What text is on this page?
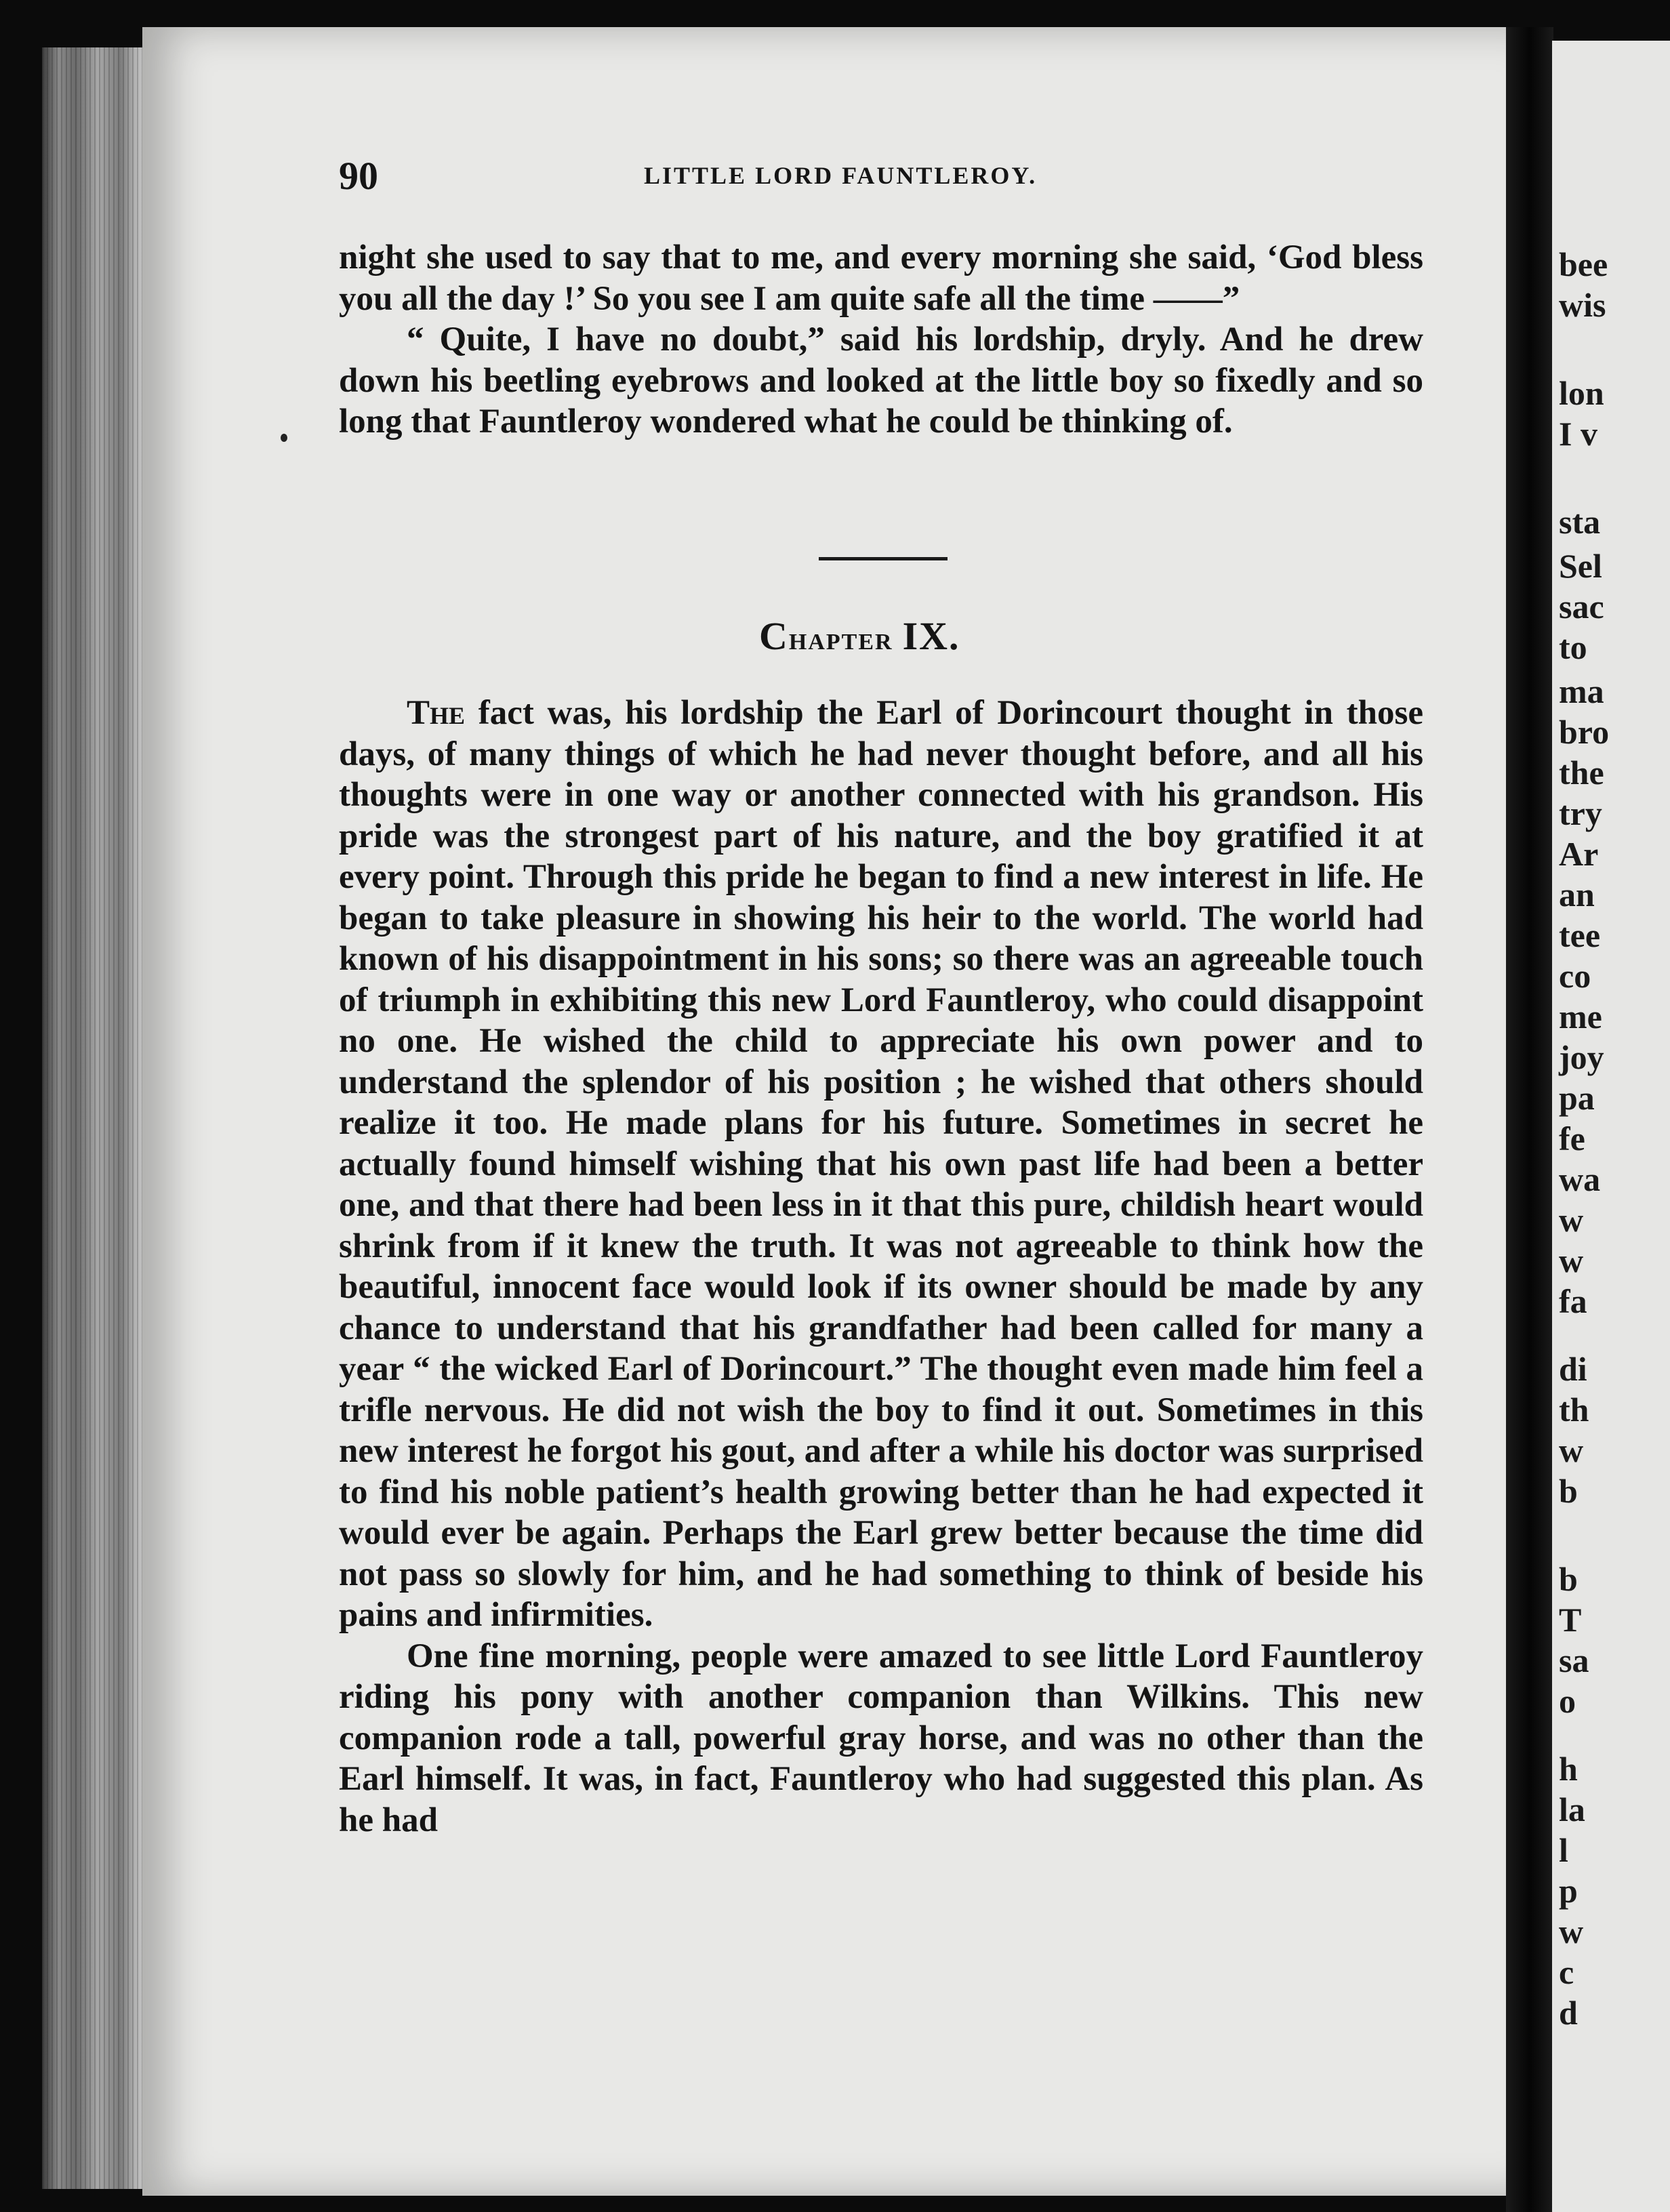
90	LITTLE LORD FAUNTLEROY.

night she used to say that to me, and every morning she said, ‘God bless you all the day !’ So you see I am quite safe all the time ——”

“ Quite, I have no doubt,” said his lordship, dryly. And he drew down his beetling eyebrows and looked at the little boy so fixedly and so long that Fauntleroy wondered what he could be thinking of.

Chapter IX.

The fact was, his lordship the Earl of Dorincourt thought in those days, of many things of which he had never thought before, and all his thoughts were in one way or another connected with his grandson. His pride was the strongest part of his nature, and the boy gratified it at every point. Through this pride he began to find a new interest in life. He began to take pleasure in showing his heir to the world. The world had known of his disappointment in his sons; so there was an agreeable touch of triumph in exhibiting this new Lord Fauntleroy, who could disappoint no one. He wished the child to appreciate his own power and to understand the splendor of his position ; he wished that others should realize it too. He made plans for his future. Sometimes in secret he actually found himself wishing that his own past life had been a better one, and that there had been less in it that this pure, childish heart would shrink from if it knew the truth. It was not agreeable to think how the beautiful, innocent face would look if its owner should be made by any chance to understand that his grandfather had been called for many a year “ the wicked Earl of Dorincourt.” The thought even made him feel a trifle nervous. He did not wish the boy to find it out. Sometimes in this new interest he forgot his gout, and after a while his doctor was surprised to find his noble patient’s health growing better than he had expected it would ever be again. Perhaps the Earl grew better because the time did not pass so slowly for him, and he had something to think of beside his pains and infirmities.

One fine morning, people were amazed to see little Lord Fauntleroy riding his pony with another companion than Wilkins. This new companion rode a tall, powerful gray horse, and was no other than the Earl himself. It was, in fact, Fauntleroy who had suggested this plan. As he had

bee

wis

lon

I v

sta

Sel

sac

to

ma

bro

the

try

Ar

an

tee

co

me

joy

pa

fe

wa

w

w

fa

di

th

w

b

b

T

sa

o

h

la

l

p

w

c

d
